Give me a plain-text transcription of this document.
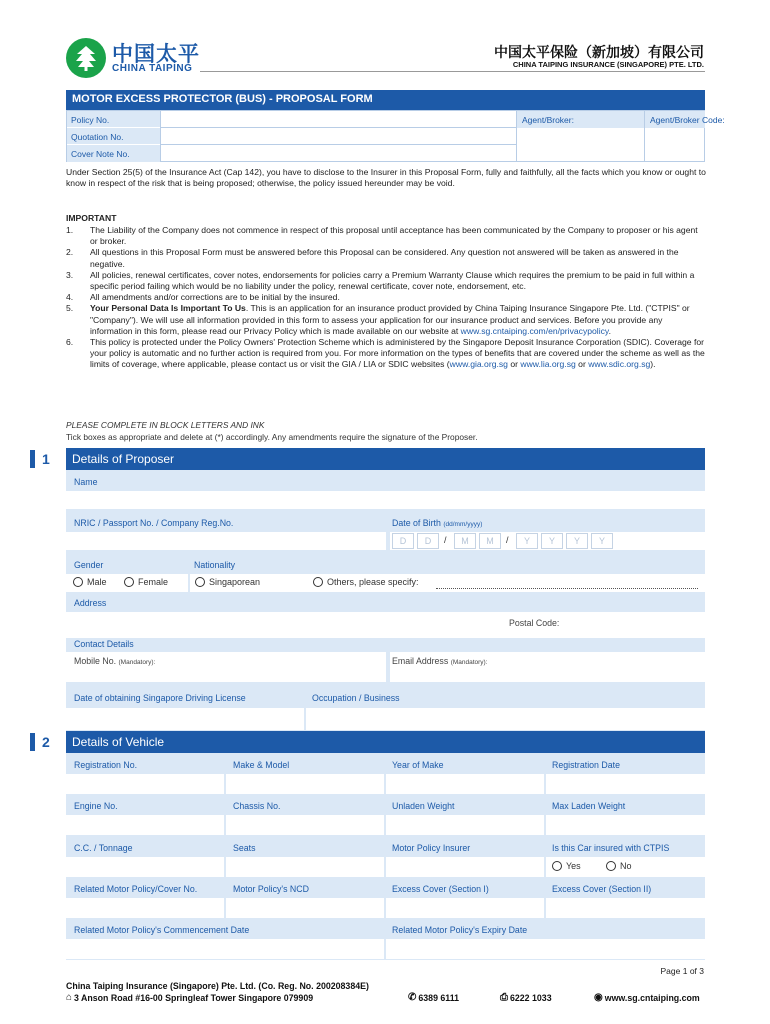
中国太平
CHINA TAIPING
中国太平保险（新加坡）有限公司
CHINA TAIPING INSURANCE (SINGAPORE) PTE. LTD.
MOTOR EXCESS PROTECTOR (BUS) - PROPOSAL FORM
Policy No.
Quotation No.
Cover Note No.
Agent/Broker:	Agent/Broker Code:
Under Section 25(5) of the Insurance Act (Cap 142), you have to disclose to the Insurer in this Proposal Form, fully and faithfully, all the facts which you know or ought to know in respect of the risk that is being proposed; otherwise, the policy issued hereunder may be void.
IMPORTANT
1.	The Liability of the Company does not commence in respect of this proposal until acceptance has been communicated by the Company to proposer or his agent or broker.
2.	All questions in this Proposal Form must be answered before this Proposal can be considered. Any question not answered will be taken as answered in the negative.
3.	All policies, renewal certificates, cover notes, endorsements for policies carry a Premium Warranty Clause which requires the premium to be paid in full within a specific period failing which would be no liability under the policy, renewal certificate, cover note, endorsement, etc.
4.	All amendments and/or corrections are to be initial by the insured.
5.	Your Personal Data Is Important To Us. This is an application for an insurance product provided by China Taiping Insurance Singapore Pte. Ltd. ("CTPIS" or "Company"). We will use all information provided in this form to assess your application for our insurance product and services. Before you provide any information in this form, please read our Privacy Policy which is made available on our website at www.sg.cntaiping.com/en/privacypolicy.
6.	This policy is protected under the Policy Owners' Protection Scheme which is administered by the Singapore Deposit Insurance Corporation (SDIC). Coverage for your policy is automatic and no further action is required from you. For more information on the types of benefits that are covered under the scheme as well as the limits of coverage, where applicable, please contact us or visit the GIA / LIA or SDIC websites (www.gia.org.sg or www.lia.org.sg or www.sdic.org.sg).
PLEASE COMPLETE IN BLOCK LETTERS AND INK
Tick boxes as appropriate and delete at (*) accordingly. Any amendments require the signature of the Proposer.
1	Details of Proposer
Name
NRIC / Passport No. / Company Reg.No.	Date of Birth (dd/mm/yyyy)
D	D	/	M	M	/	Y	Y	Y	Y
Gender	Nationality
Male	Female	Singaporean	Others, please specify:
Address
Postal Code:
Contact Details
Mobile No. (Mandatory):	Email Address (Mandatory):
Date of obtaining Singapore Driving License	Occupation / Business
2	Details of Vehicle
Registration No.	Make & Model	Year of Make	Registration Date
Engine No.	Chassis No.	Unladen Weight	Max Laden Weight
C.C. / Tonnage	Seats	Motor Policy Insurer	Is this Car insured with CTPIS
Yes	No
Related Motor Policy/Cover No.	Motor Policy's NCD	Excess Cover (Section I)	Excess Cover (Section II)
Related Motor Policy's Commencement Date	Related Motor Policy's Expiry Date
Page 1 of 3
China Taiping Insurance (Singapore) Pte. Ltd. (Co. Reg. No. 200208384E)
⌂ 3 Anson Road #16-00 Springleaf Tower Singapore 079909	✆ 6389 6111	⎙ 6222 1033	◉ www.sg.cntaiping.com
